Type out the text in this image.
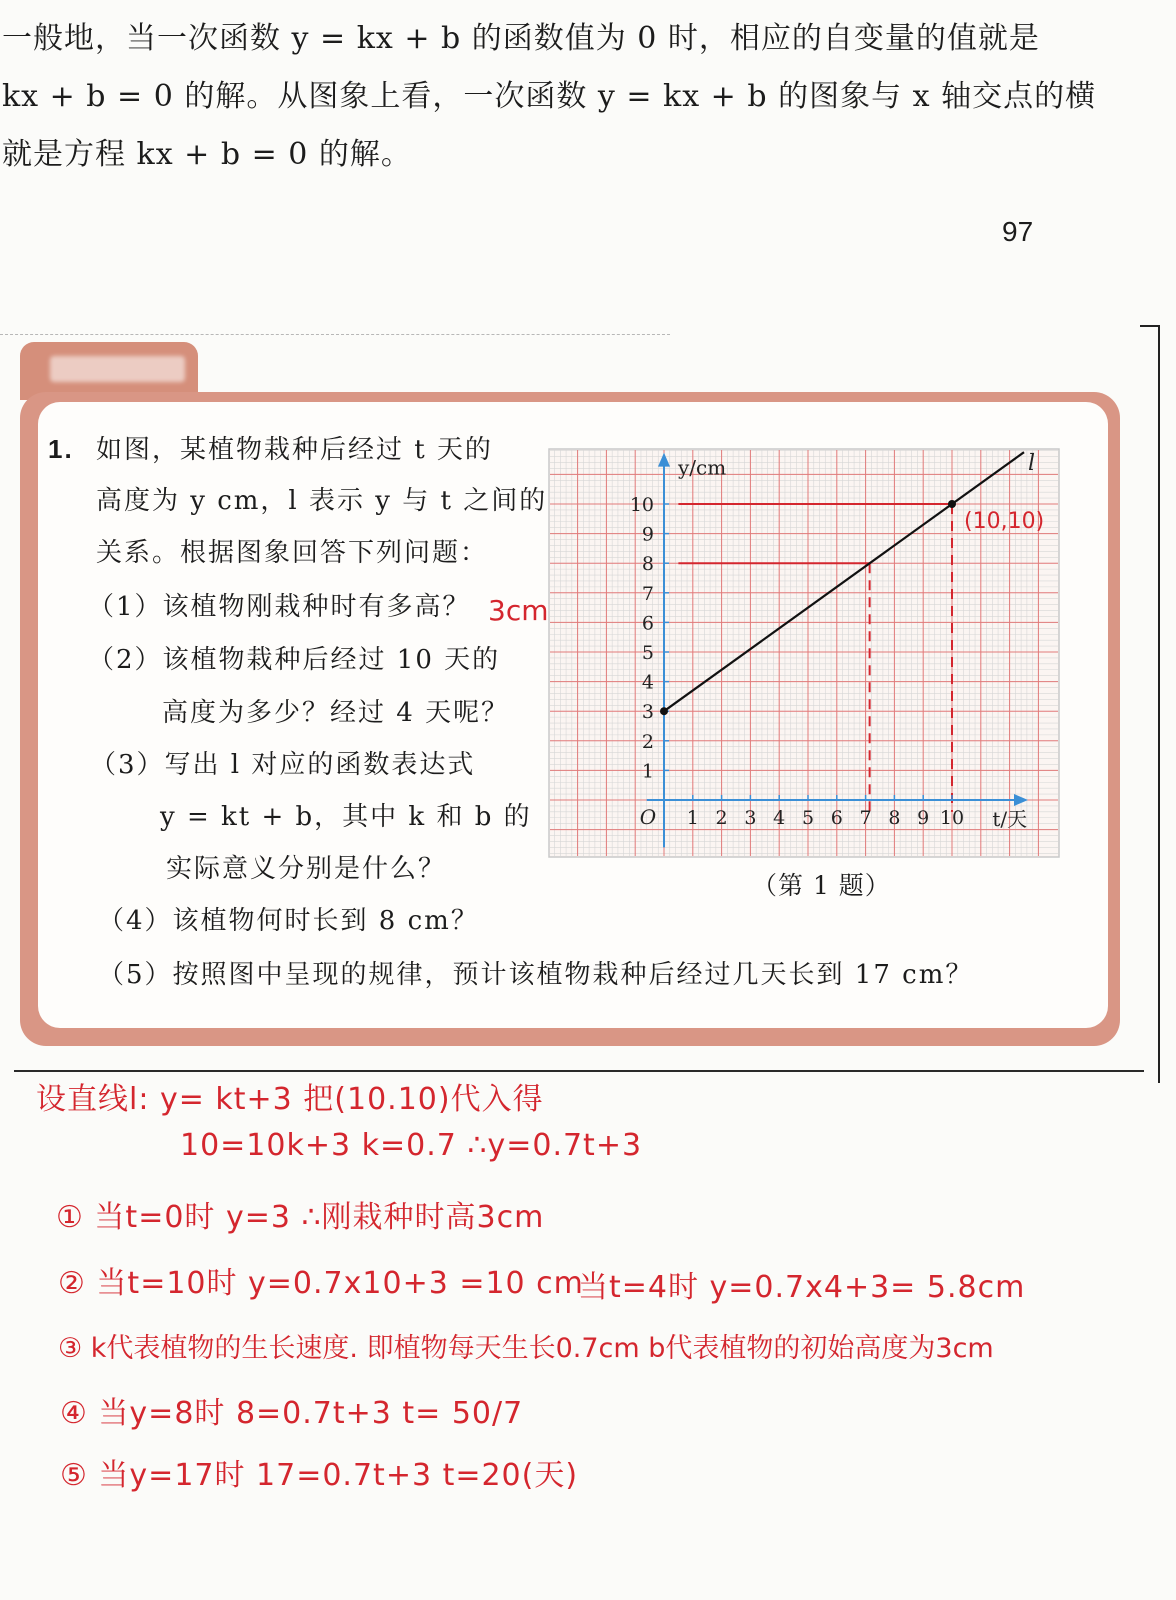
一般地，当一次函数 y = kx + b 的函数值为 0 时，相应的自变量的值就是

kx + b = 0 的解。从图象上看，一次函数 y = kx + b 的图象与 x 轴交点的横

就是方程 kx + b = 0 的解。

97
1. 如图，某植物栽种后经过 t 天的
高度为 y cm，l 表示 y 与 t 之间的
关系。根据图象回答下列问题：
（1）该植物刚栽种时有多高？
（2）该植物栽种后经过 10 天的
高度为多少？经过 4 天呢？
（3）写出 l 对应的函数表达式
y = kt + b，其中 k 和 b 的
实际意义分别是什么？
（4）该植物何时长到 8 cm？
（5）按照图中呈现的规律，预计该植物栽种后经过几天长到 17 cm？
1 2 3 4 5 6 7 8 9 10
1
2
3
4
5
6
7
8
9
10
O
y/cm
t/天
l
(10,10)
（第 1 题）
3cm
设直线l: y= kt+3 把(10.10)代入得
10=10k+3 k=0.7 ∴y=0.7t+3
① 当t=0时 y=3 ∴刚栽种时高3cm
② 当t=10时 y=0.7x10+3 =10 cm
当t=4时 y=0.7x4+3= 5.8cm
③ k代表植物的生长速度. 即植物每天生长0.7cm b代表植物的初始高度为3cm
④ 当y=8时 8=0.7t+3 t= 50/7
⑤ 当y=17时 17=0.7t+3 t=20(天)
